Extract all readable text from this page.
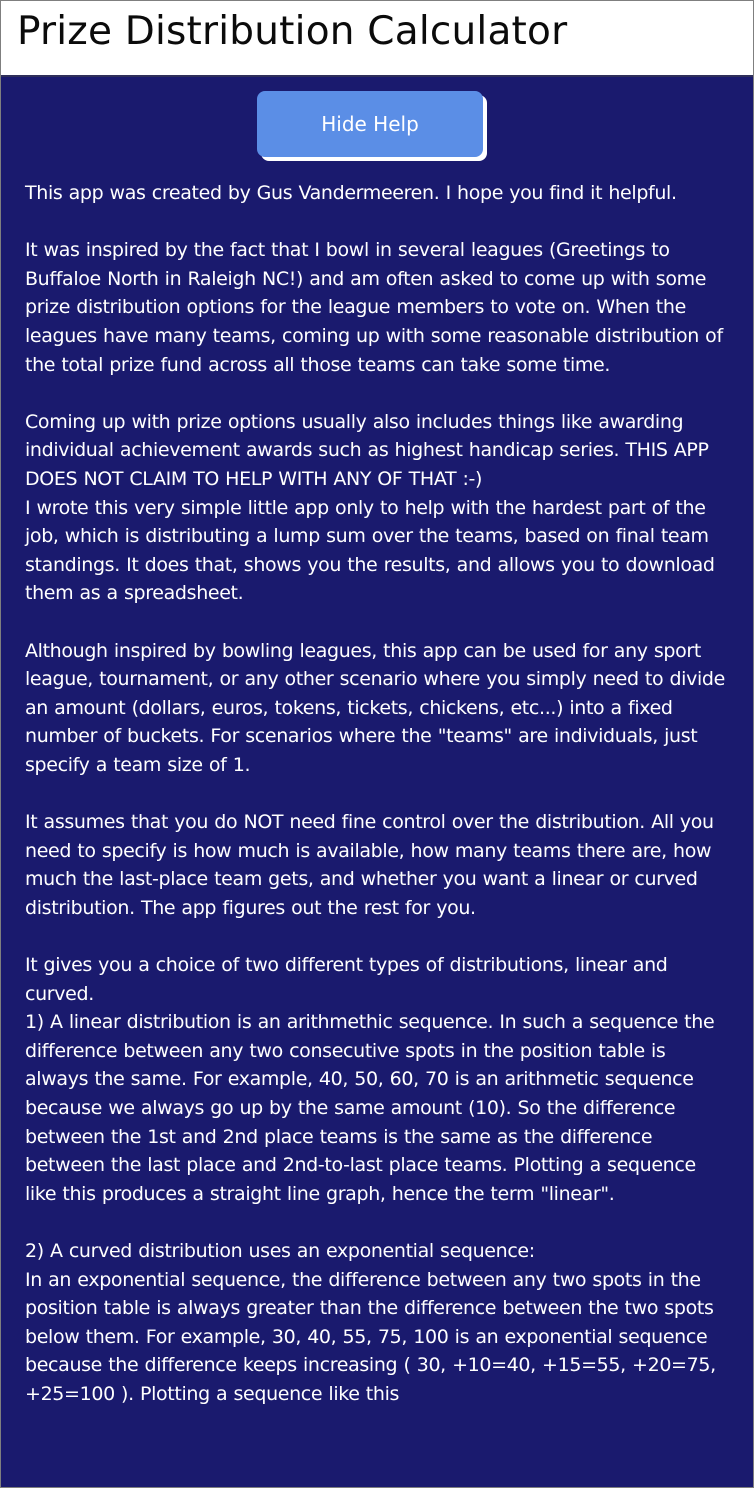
Prize Distribution Calculator
Hide Help

This app was created by Gus Vandermeeren. I hope you find it helpful.

It was inspired by the fact that I bowl in several leagues (Greetings to Buffaloe North in Raleigh NC!) and am often asked to come up with some prize distribution options for the league members to vote on. When the leagues have many teams, coming up with some reasonable distribution of the total prize fund across all those teams can take some time.

Coming up with prize options usually also includes things like awarding individual achievement awards such as highest handicap series. THIS APP DOES NOT CLAIM TO HELP WITH ANY OF THAT :-)
I wrote this very simple little app only to help with the hardest part of the job, which is distributing a lump sum over the teams, based on final team standings. It does that, shows you the results, and allows you to download them as a spreadsheet.

Although inspired by bowling leagues, this app can be used for any sport league, tournament, or any other scenario where you simply need to divide an amount (dollars, euros, tokens, tickets, chickens, etc...) into a fixed number of buckets. For scenarios where the "teams" are individuals, just specify a team size of 1.

It assumes that you do NOT need fine control over the distribution. All you need to specify is how much is available, how many teams there are, how much the last-place team gets, and whether you want a linear or curved distribution. The app figures out the rest for you.

It gives you a choice of two different types of distributions, linear and curved.
1) A linear distribution is an arithmethic sequence. In such a sequence the difference between any two consecutive spots in the position table is always the same. For example, 40, 50, 60, 70 is an arithmetic sequence because we always go up by the same amount (10). So the difference between the 1st and 2nd place teams is the same as the difference between the last place and 2nd-to-last place teams. Plotting a sequence like this produces a straight line graph, hence the term "linear".

2) A curved distribution uses an exponential sequence:
In an exponential sequence, the difference between any two spots in the position table is always greater than the difference between the two spots below them. For example, 30, 40, 55, 75, 100 is an exponential sequence because the difference keeps increasing ( 30, +10=40, +15=55, +20=75, +25=100 ). Plotting a sequence like this
